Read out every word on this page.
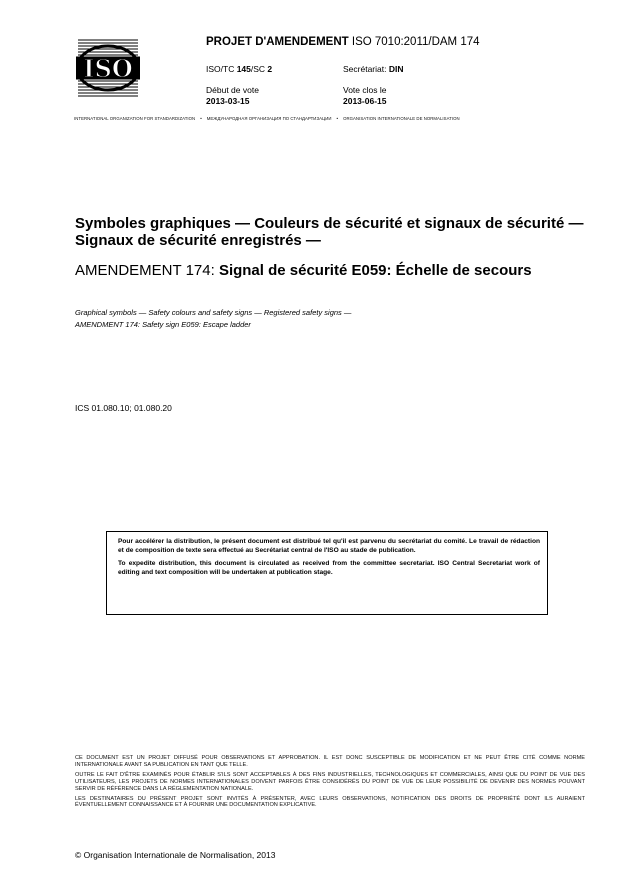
ISO
PROJET D'AMENDEMENT ISO 7010:2011/DAM 174
ISO/TC 145/SC 2	Secrétariat: DIN
Début de vote
2013-03-15
Vote clos le
2013-06-15
INTERNATIONAL ORGANIZATION FOR STANDARDIZATION • МЕЖДУНАРОДНАЯ ОРГАНИЗАЦИЯ ПО СТАНДАРТИЗАЦИИ • ORGANISATION INTERNATIONALE DE NORMALISATION
Symboles graphiques — Couleurs de sécurité et signaux de sécurité — Signaux de sécurité enregistrés —
AMENDEMENT 174: Signal de sécurité E059: Échelle de secours
Graphical symbols — Safety colours and safety signs — Registered safety signs —
AMENDMENT 174: Safety sign E059: Escape ladder
ICS 01.080.10; 01.080.20

Pour accélérer la distribution, le présent document est distribué tel qu'il est parvenu du secrétariat du comité. Le travail de rédaction et de composition de texte sera effectué au Secrétariat central de l'ISO au stade de publication.

To expedite distribution, this document is circulated as received from the committee secretariat. ISO Central Secretariat work of editing and text composition will be undertaken at publication stage.

CE DOCUMENT EST UN PROJET DIFFUSÉ POUR OBSERVATIONS ET APPROBATION. IL EST DONC SUSCEPTIBLE DE MODIFICATION ET NE PEUT ÊTRE CITÉ COMME NORME INTERNATIONALE AVANT SA PUBLICATION EN TANT QUE TELLE.

OUTRE LE FAIT D'ÊTRE EXAMINÉS POUR ÉTABLIR S'ILS SONT ACCEPTABLES À DES FINS INDUSTRIELLES, TECHNOLOGIQUES ET COMMERCIALES, AINSI QUE DU POINT DE VUE DES UTILISATEURS, LES PROJETS DE NORMES INTERNATIONALES DOIVENT PARFOIS ÊTRE CONSIDÉRÉS DU POINT DE VUE DE LEUR POSSIBILITÉ DE DEVENIR DES NORMES POUVANT SERVIR DE RÉFÉRENCE DANS LA RÉGLEMENTATION NATIONALE.

LES DESTINATAIRES DU PRÉSENT PROJET SONT INVITÉS À PRÉSENTER, AVEC LEURS OBSERVATIONS, NOTIFICATION DES DROITS DE PROPRIÉTÉ DONT ILS AURAIENT ÉVENTUELLEMENT CONNAISSANCE ET À FOURNIR UNE DOCUMENTATION EXPLICATIVE.

© Organisation Internationale de Normalisation, 2013
